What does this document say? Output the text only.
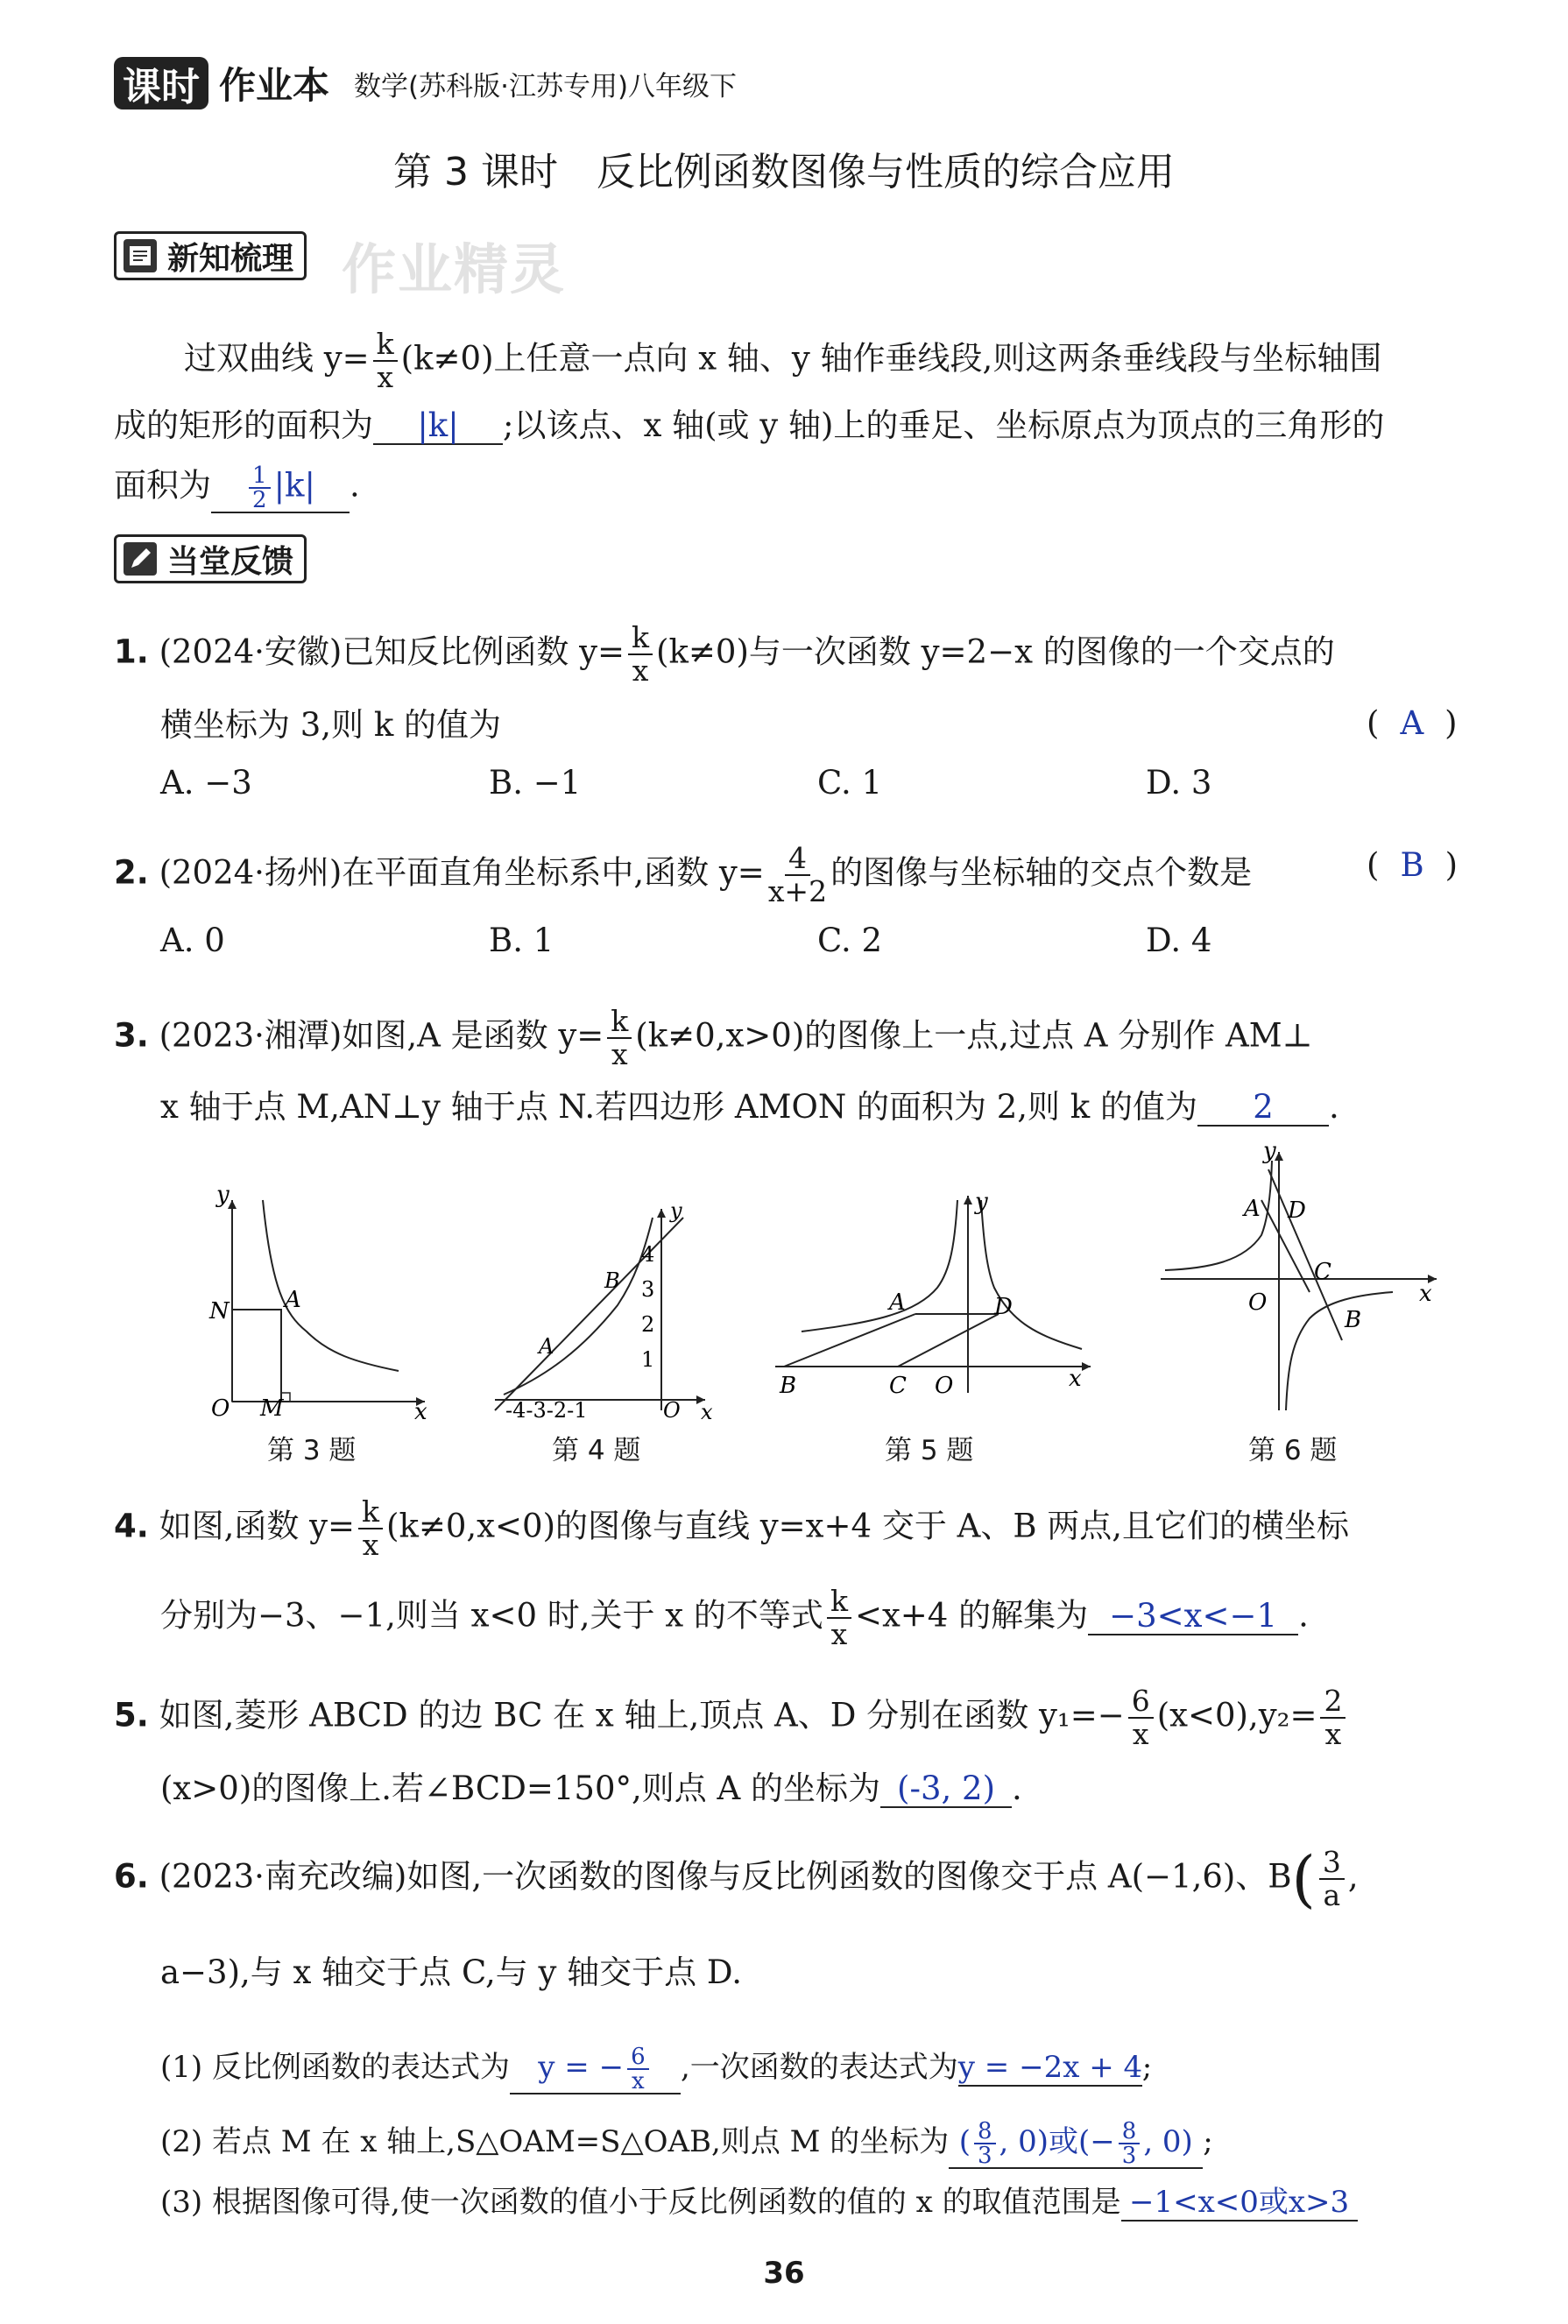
课时 作业本 数学(苏科版·江苏专用)八年级下
第 3 课时　反比例函数图像与性质的综合应用
新知梳理 作业精灵
过双曲线 $y= \frac{k}{x} (k\ne 0)$上任意一点向 x 轴、y 轴作垂线段,则这两条垂线段与坐标轴围
成的矩形的面积为 |k| ;以该点、x 轴(或 y 轴)上的垂足、坐标原点为顶点的三角形的
面积为 $\frac{1}{2} |k|$ .
当堂反馈
1. (2024·安徽)已知反比例函数 $y= \frac{k}{x} (k\ne 0)$与一次函数 y=2−x 的图像的一个交点的
横坐标为 3,则 k 的值为	( A )
A. −3	B. −1	C. 1	D. 3
2. (2024·扬州)在平面直角坐标系中,函数 $y= \frac{4}{x+2}$ 的图像与坐标轴的交点个数是	( B )
A. 0	B. 1	C. 2	D. 4
3. (2023·湘潭)如图,A 是函数 $y= \frac{k}{x} (k\ne 0,x>0)$的图像上一点,过点 A 分别作 AM⊥
x 轴于点 M,AN⊥y 轴于点 N.若四边形 AMON 的面积为 2,则 k 的值为 2 .
y
x
O
N A
M
第 3 题
y
x
O
A
B
-4-3-2-1
4
3
2
1
第 4 题
x
y
A	D
B	C O
第 5 题
y
x
O
A D
C
B
第 6 题
4. 如图,函数 $y= \frac{k}{x} (k\ne 0,x<0)$的图像与直线 y=x+4 交于 A、B 两点,且它们的横坐标
分别为−3、−1,则当 x<0 时,关于 x 的不等式 $\frac{k}{x} <x+4$ 的解集为 −3<x<−1 .
5. 如图,菱形 ABCD 的边 BC 在 x 轴上,顶点 A、D 分别在函数 $y_1=- \frac{6}{x} (x<0),y_2= \frac{2}{x}$
(x>0)的图像上.若∠BCD=150°,则点 A 的坐标为 (-3, 2) .
6. (2023·南充改编)如图,一次函数的图像与反比例函数的图像交于点 A(−1,6)、$B( \frac{3}{a}$ ,
a−3),与 x 轴交于点 C,与 y 轴交于点 D.
(1) 反比例函数的表达式为 y = − $\frac{6}{x}$ ,一次函数的表达式为y = −2x + 4;
(2) 若点 M 在 x 轴上,S△OAM=S△OAB,则点 M 的坐标为 ( $\frac{8}{3}$ , 0)或(− $\frac{8}{3}$ , 0) ;
(3) 根据图像可得,使一次函数的值小于反比例函数的值的 x 的取值范围是 −1<x<0或x>3
36
